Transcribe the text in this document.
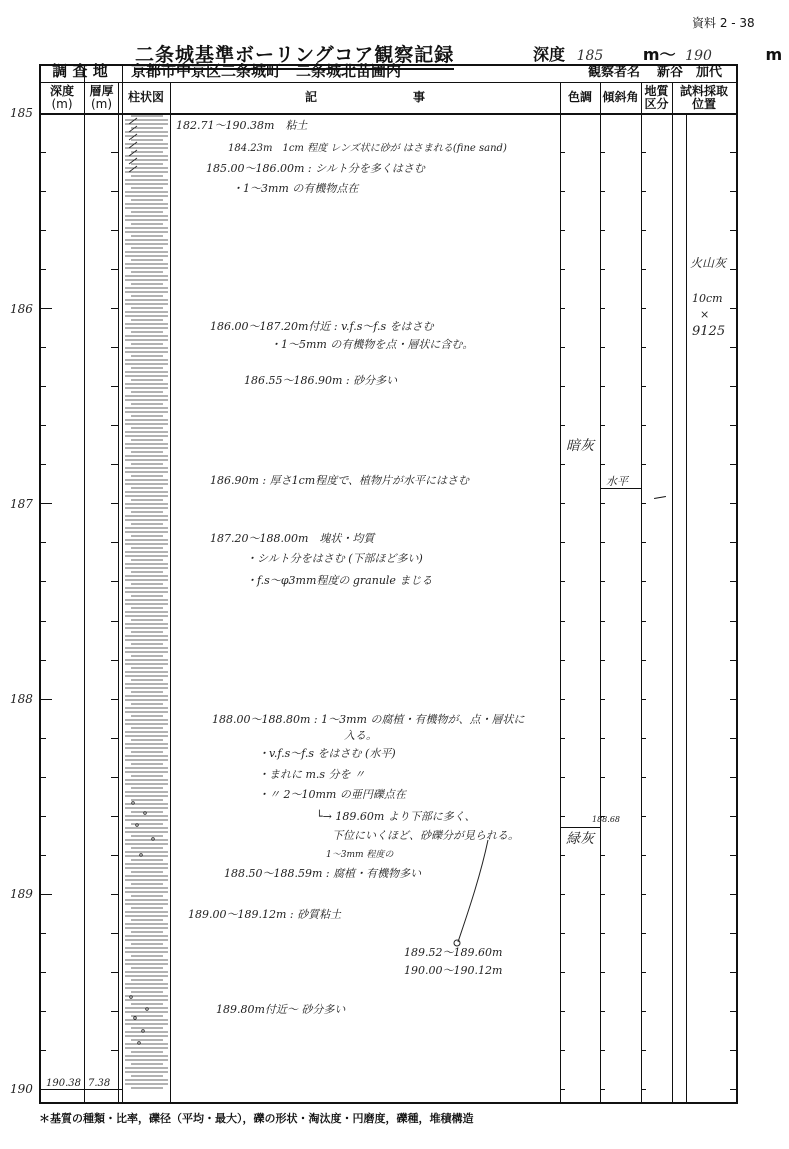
資料 2 - 38
二条城基準ボーリングコア観察記録	深度 185 m〜 190	m
調 査 地	京都市中京区二条城町　二条城北苗圃内	観察者名 新谷　加代
深度
(m)
層厚
(m)	柱状図	記　　　　　　　　事	色調 傾斜角 地質
区分
試料採取
位置
185
186
187
188
189
190
182.71〜190.38m　粘土
184.23m　1cm 程度 レンズ状に砂が はさまれる(fine sand)
185.00〜186.00m : シルト分を多くはさむ
・1〜3mm の有機物点在
186.00〜187.20m付近 : v.f.s〜f.s をはさむ
・1〜5mm の有機物を点・層状に含む。
186.55〜186.90m : 砂分多い
186.90m : 厚さ1cm程度で、植物片が水平にはさむ
187.20〜188.00m　塊状・均質
・シルト分をはさむ (下部ほど多い)
・f.s〜φ3mm程度の granule まじる
188.00〜188.80m : 1〜3mm の腐植・有機物が、点・層状に
入る。
・v.f.s〜f.s をはさむ (水平)
・まれに m.s 分を 〃
・〃 2〜10mm の亜円礫点在
└→ 189.60m より下部に多く、
下位にいくほど、砂礫分が見られる。
1〜3mm 程度の
188.50〜188.59m : 腐植・有機物多い
189.00〜189.12m : 砂質粘土
189.52〜189.60m
190.00〜190.12m
189.80m付近〜 砂分多い
暗灰
緑灰
188.68
水平
火山灰
10cm
×
9125
190.38 7.38
＊基質の種類・比率，礫径（平均・最大），礫の形状・淘汰度・円磨度，礫種，堆積構造
